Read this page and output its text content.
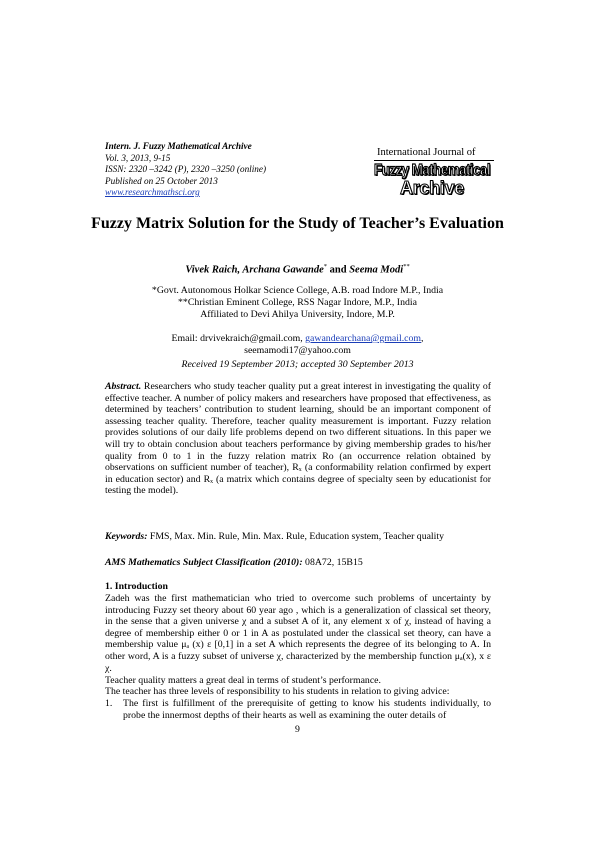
Intern. J. Fuzzy Mathematical Archive
Vol. 3, 2013, 9-15
ISSN: 2320 –3242 (P), 2320 –3250 (online)
Published on 25 October 2013
www.researchmathsci.org
International Journal of
Fuzzy Mathematical
Archive
Fuzzy Matrix Solution for the Study of Teacher’s Evaluation
Vivek Raich, Archana Gawande* and Seema Modi**
*Govt. Autonomous Holkar Science College, A.B. road Indore M.P., India
**Christian Eminent College, RSS Nagar Indore, M.P., India
Affiliated to Devi Ahilya University, Indore, M.P.
Email: drvivekraich@gmail.com, gawandearchana@gmail.com,
seemamodi17@yahoo.com
Received 19 September 2013; accepted 30 September 2013
Abstract. Researchers who study teacher quality put a great interest in investigating the quality of effective teacher. A number of policy makers and researchers have proposed that effectiveness, as determined by teachers’ contribution to student learning, should be an important component of assessing teacher quality. Therefore, teacher quality measurement is important. Fuzzy relation provides solutions of our daily life problems depend on two different situations. In this paper we will try to obtain conclusion about teachers performance by giving membership grades to his/her quality from 0 to 1 in the fuzzy relation matrix Ro (an occurrence relation obtained by observations on sufficient number of teacher), Rₓ (a conformability relation confirmed by expert in education sector) and Rₓ (a matrix which contains degree of specialty seen by educationist for testing the model).
Keywords: FMS, Max. Min. Rule, Min. Max. Rule, Education system, Teacher quality
AMS Mathematics Subject Classification (2010): 08A72, 15B15
1. Introduction
Zadeh was the first mathematician who tried to overcome such problems of uncertainty by introducing Fuzzy set theory about 60 year ago , which is a generalization of classical set theory, in the sense that a given universe χ and a subset A of it, any element x of χ, instead of having a degree of membership either 0 or 1 in A as postulated under the classical set theory, can have a membership value μₐ (x) ε [0,1] in a set A which represents the degree of its belonging to A. In other word, A is a fuzzy subset of universe χ, characterized by the membership function μₐ(x), x ε χ.
Teacher quality matters a great deal in terms of student’s performance.
The teacher has three levels of responsibility to his students in relation to giving advice:
1. The first is fulfillment of the prerequisite of getting to know his students individually, to probe the innermost depths of their hearts as well as examining the outer details of
9
